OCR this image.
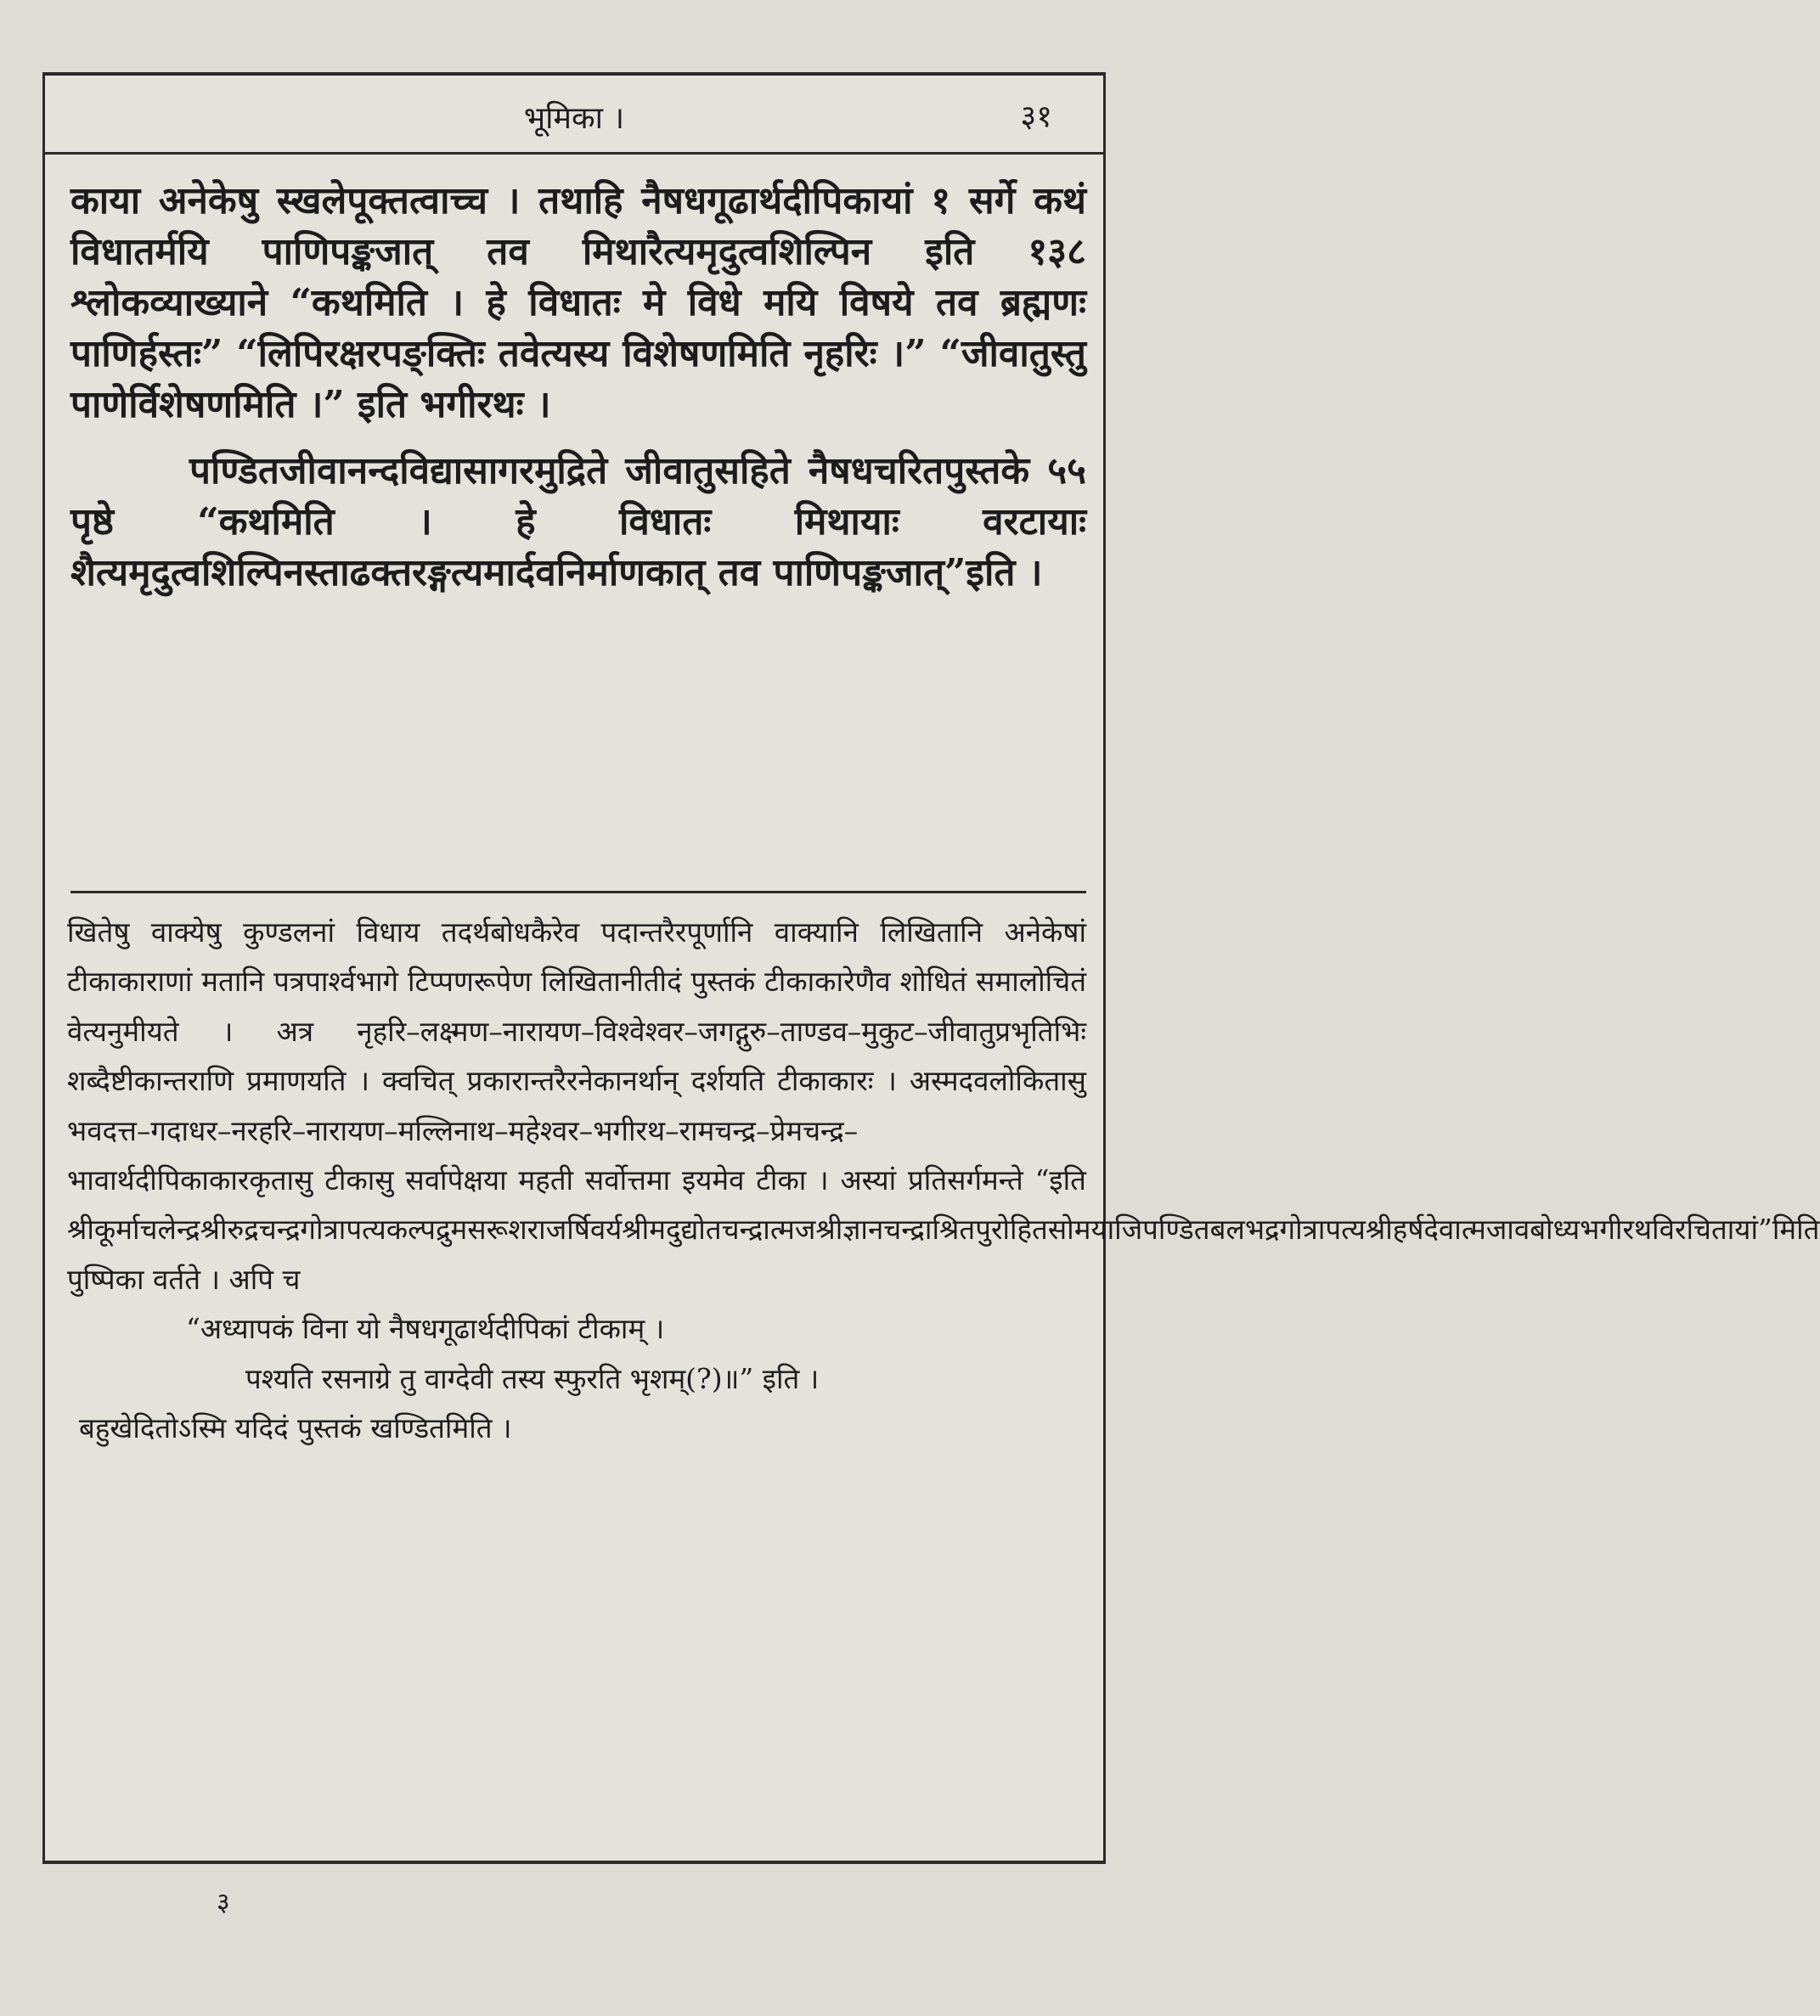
भूमिका ।	३१

काया अनेकेषु स्खलेपूक्तत्वाच्च । तथाहि नैषधगूढार्थदीपिकायां १ सर्गे कथं विधातर्मयि पाणिपङ्कजात् तव मिथारैत्यमृदुत्वशिल्पिन इति १३८ श्लोकव्याख्याने “कथमिति । हे विधातः मे विधे मयि विषये तव ब्रह्मणः पाणिर्हस्तः” “लिपिरक्षरपङ्क्तिः तवेत्यस्य विशेषणमिति नृहरिः ।” “जीवातुस्तु पाणेर्विशेषणमिति ।” इति भगीरथः ।

पण्डितजीवानन्दविद्यासागरमुद्रिते जीवातुसहिते नैषधचरितपुस्तके ५५ पृष्ठे “कथमिति । हे विधातः मिथायाः वरटायाः शैत्यमृदुत्वशिल्पिनस्ताढक्तरङ्गत्यमार्दवनिर्माणकात् तव पाणिपङ्कजात्”इति ।

खितेषु वाक्येषु कुण्डलनां विधाय तदर्थबोधकैरेव पदान्तरैरपूर्णानि वाक्यानि लिखितानि अनेकेषां टीकाकाराणां मतानि पत्रपार्श्वभागे टिप्पणरूपेण लिखितानीतीदं पुस्तकं टीकाकारेणैव शोधितं समालोचितं वेत्यनुमीयते । अत्र नृहरि–लक्ष्मण–नारायण–विश्वेश्वर–जगद्गुरु–ताण्डव–मुकुट–जीवातुप्रभृतिभिः शब्दैष्टीकान्तराणि प्रमाणयति । क्वचित् प्रकारान्तरैरनेकानर्थान् दर्शयति टीकाकारः । अस्मदवलोकितासु भवदत्त–गदाधर–नरहरि–नारायण–मल्लिनाथ–महेश्वर–भगीरथ–रामचन्द्र–प्रेमचन्द्र–भावार्थदीपिकाकारकृतासु टीकासु सर्वापेक्षया महती सर्वोत्तमा इयमेव टीका । अस्यां प्रतिसर्गमन्ते “इति श्रीकूर्माचलेन्द्रश्रीरुद्रचन्द्रगोत्रापत्यकल्पद्रुमसरूशराजर्षिवर्यश्रीमदुद्योतचन्द्रात्मजश्रीज्ञानचन्द्राश्रितपुरोहितसोमयाजिपण्डितबलभद्रगोत्रापत्यश्रीहर्षदेवात्मजावबोध्यभगीरथविरचितायां”मिति पुष्पिका वर्तते । अपि च

“अध्यापकं विना यो नैषधगूढार्थदीपिकां टीकाम् ।

पश्यति रसनाग्रे तु वाग्देवी तस्य स्फुरति भृशम्(?)॥” इति ।

बहुखेदितोऽस्मि यदिदं पुस्तकं खण्डितमिति ।

३
